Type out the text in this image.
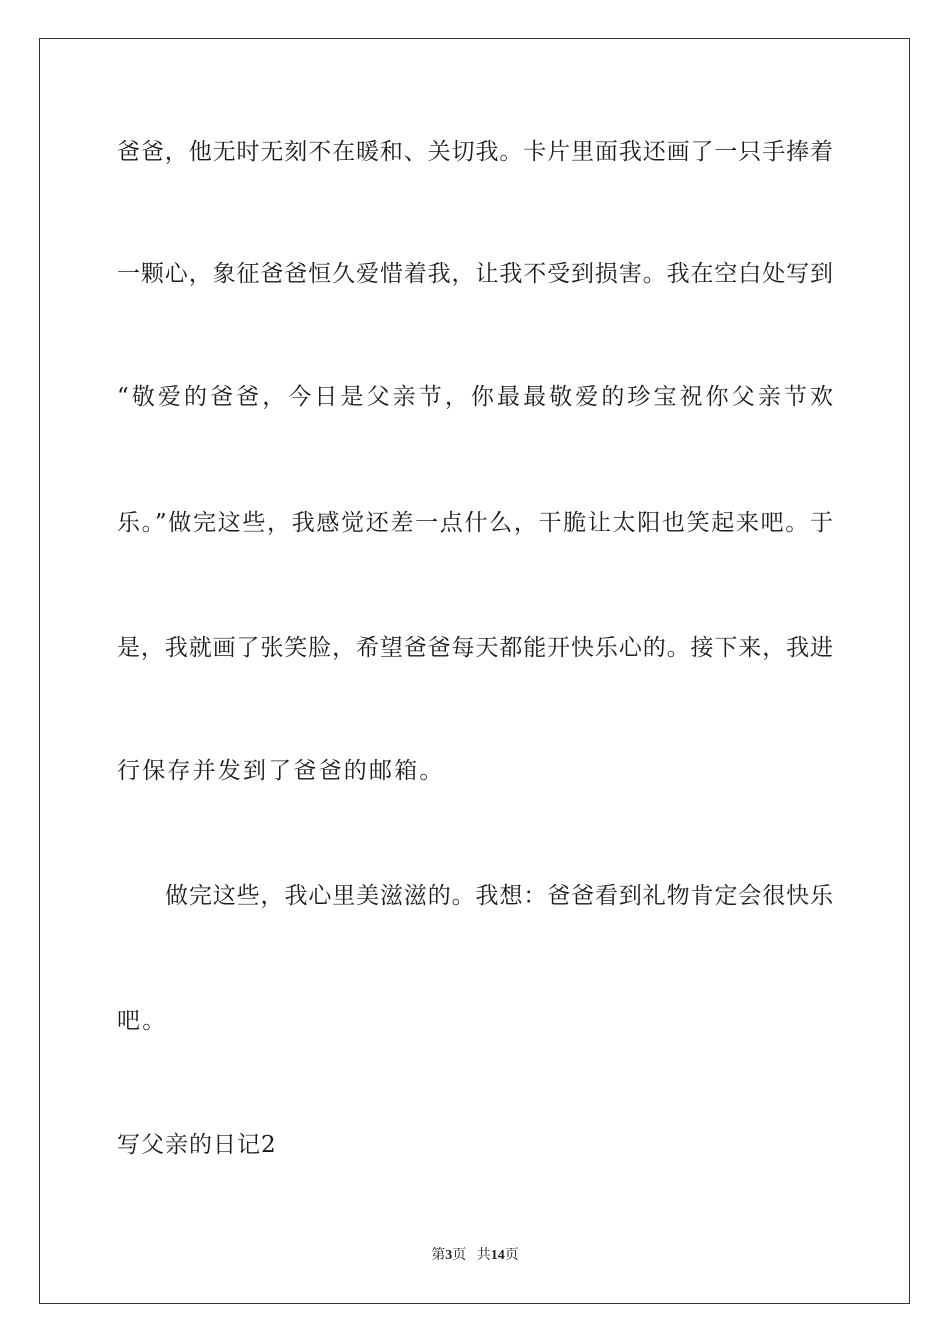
爸爸，他无时无刻不在暖和、关切我。卡片里面我还画了一只手捧着
一颗心，象征爸爸恒久爱惜着我，让我不受到损害。我在空白处写到
“敬爱的爸爸，今日是父亲节，你最最敬爱的珍宝祝你父亲节欢
乐。”做完这些，我感觉还差一点什么，干脆让太阳也笑起来吧。于
是，我就画了张笑脸，希望爸爸每天都能开快乐心的。接下来，我进
行保存并发到了爸爸的邮箱。
做完这些，我心里美滋滋的。我想：爸爸看到礼物肯定会很快乐
吧。
写父亲的日记2
第3页 共14页
